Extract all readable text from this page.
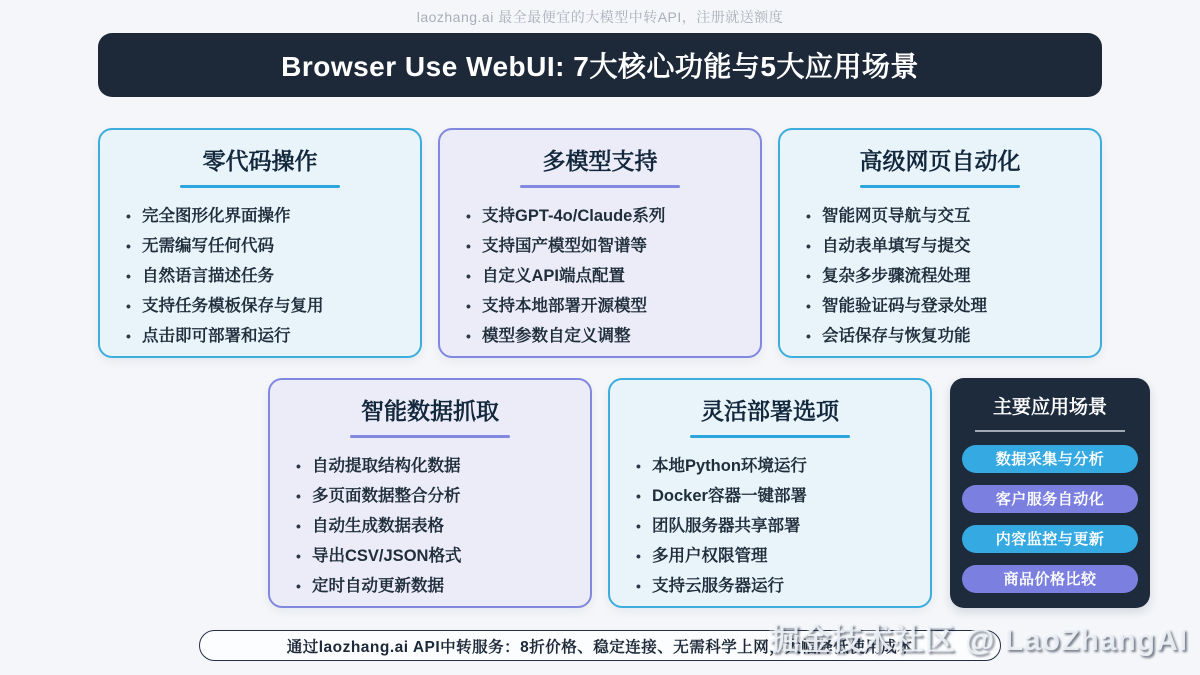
laozhang.ai 最全最便宜的大模型中转API，注册就送额度
Browser Use WebUI: 7大核心功能与5大应用场景
零代码操作
• 完全图形化界面操作
• 无需编写任何代码
• 自然语言描述任务
• 支持任务模板保存与复用
• 点击即可部署和运行
多模型支持
• 支持GPT-4o/Claude系列
• 支持国产模型如智谱等
• 自定义API端点配置
• 支持本地部署开源模型
• 模型参数自定义调整
高级网页自动化
• 智能网页导航与交互
• 自动表单填写与提交
• 复杂多步骤流程处理
• 智能验证码与登录处理
• 会话保存与恢复功能
智能数据抓取
• 自动提取结构化数据
• 多页面数据整合分析
• 自动生成数据表格
• 导出CSV/JSON格式
• 定时自动更新数据
灵活部署选项
• 本地Python环境运行
• Docker容器一键部署
• 团队服务器共享部署
• 多用户权限管理
• 支持云服务器运行
主要应用场景
数据采集与分析
客户服务自动化
内容监控与更新
商品价格比较
通过laozhang.ai API中转服务：8折价格、稳定连接、无需科学上网，大幅降低使用成本
掘金技术社区 @ LaoZhangAI
